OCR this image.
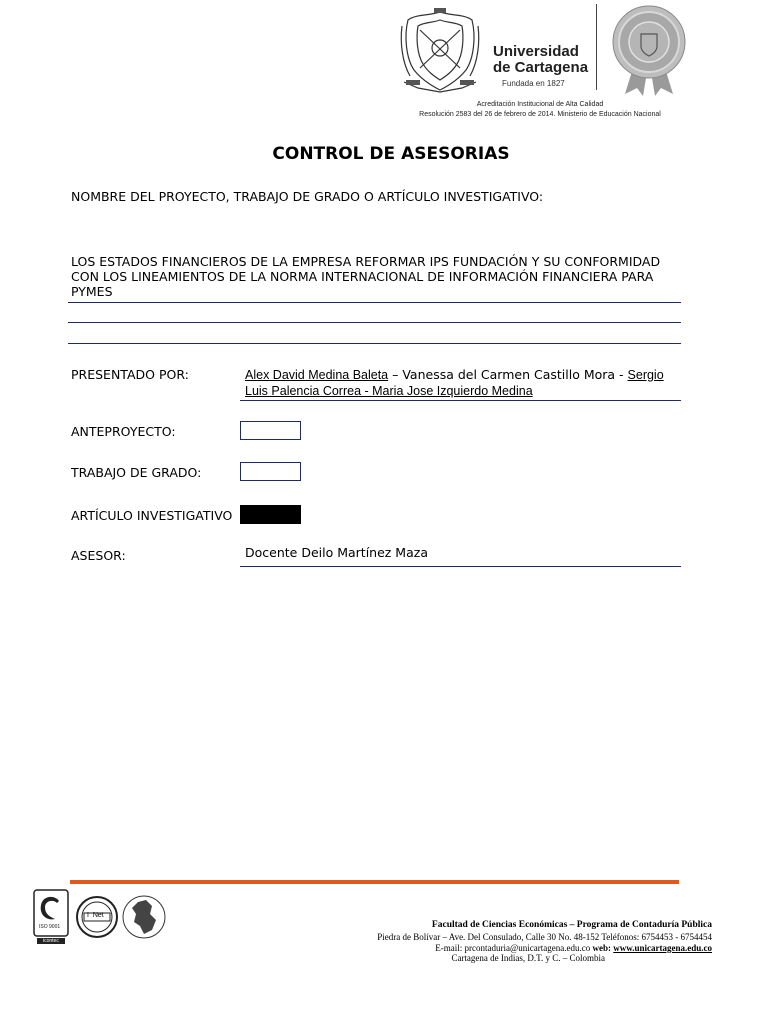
Universidad
de Cartagena
Fundada en 1827
Acreditación Institucional de Alta Calidad
Resolución 2583 del 26 de febrero de 2014. Ministerio de Educación Nacional
CONTROL DE ASESORIAS
NOMBRE DEL PROYECTO, TRABAJO DE GRADO O ARTÍCULO INVESTIGATIVO:
LOS ESTADOS FINANCIEROS DE LA EMPRESA REFORMAR IPS FUNDACIÓN Y SU CONFORMIDAD CON LOS LINEAMIENTOS DE LA NORMA INTERNACIONAL DE INFORMACIÓN FINANCIERA PARA PYMES
PRESENTADO POR:	Alex David Medina Baleta – Vanessa del Carmen Castillo Mora - Sergio
Luis Palencia Correa - Maria Jose Izquierdo Medina
ANTEPROYECTO:
TRABAJO DE GRADO:
ARTÍCULO INVESTIGATIVO
ASESOR:	Docente Deilo Martínez Maza
ISO 9001
icontec
I  Net
Facultad de Ciencias Económicas – Programa de Contaduría Pública
Piedra de Bolívar – Ave. Del Consulado, Calle 30 No. 48-152 Teléfonos: 6754453 - 6754454
E-mail: prcontaduria@unicartagena.edu.co web: www.unicartagena.edu.co
Cartagena de Indias, D.T. y C. – Colombia
